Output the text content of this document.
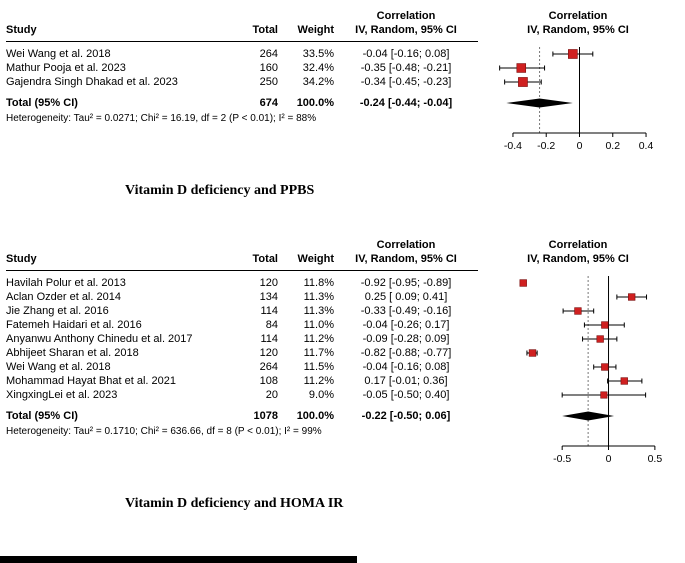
Correlation	Correlation
Study	Total	Weight	IV, Random, 95% CI	IV, Random, 95% CI
Wei Wang et al. 2018	264	33.5%	-0.04 [-0.16; 0.08]
Mathur Pooja et al. 2023	160	32.4%	-0.35 [-0.48; -0.21]
Gajendra Singh Dhakad et al. 2023	250	34.2%	-0.34 [-0.45; -0.23]
Total (95% CI)	674	100.0%	-0.24 [-0.44; -0.04]
Heterogeneity: Tau² = 0.0271; Chi² = 16.19, df = 2 (P < 0.01); I² = 88%
-0.4 -0.2 0 0.2 0.4
Vitamin D deficiency and PPBS
Correlation	Correlation
Study	Total	Weight	IV, Random, 95% CI	IV, Random, 95% CI
Havilah Polur et al. 2013	120	11.8%	-0.92 [-0.95; -0.89]
Aclan Ozder et al. 2014	134	11.3%	0.25 [ 0.09; 0.41]
Jie Zhang et al. 2016	114	11.3%	-0.33 [-0.49; -0.16]
Fatemeh Haidari et al. 2016	84	11.0%	-0.04 [-0.26; 0.17]
Anyanwu Anthony Chinedu et al. 2017	114	11.2%	-0.09 [-0.28; 0.09]
Abhijeet Sharan et al. 2018	120	11.7%	-0.82 [-0.88; -0.77]
Wei Wang et al. 2018	264	11.5%	-0.04 [-0.16; 0.08]
Mohammad Hayat Bhat et al. 2021	108	11.2%	0.17 [-0.01; 0.36]
XingxingLei et al. 2023	20	9.0%	-0.05 [-0.50; 0.40]
Total (95% CI)	1078	100.0%	-0.22 [-0.50; 0.06]
Heterogeneity: Tau² = 0.1710; Chi² = 636.66, df = 8 (P < 0.01); I² = 99%
-0.5	0	0.5
Vitamin D deficiency and HOMA IR
